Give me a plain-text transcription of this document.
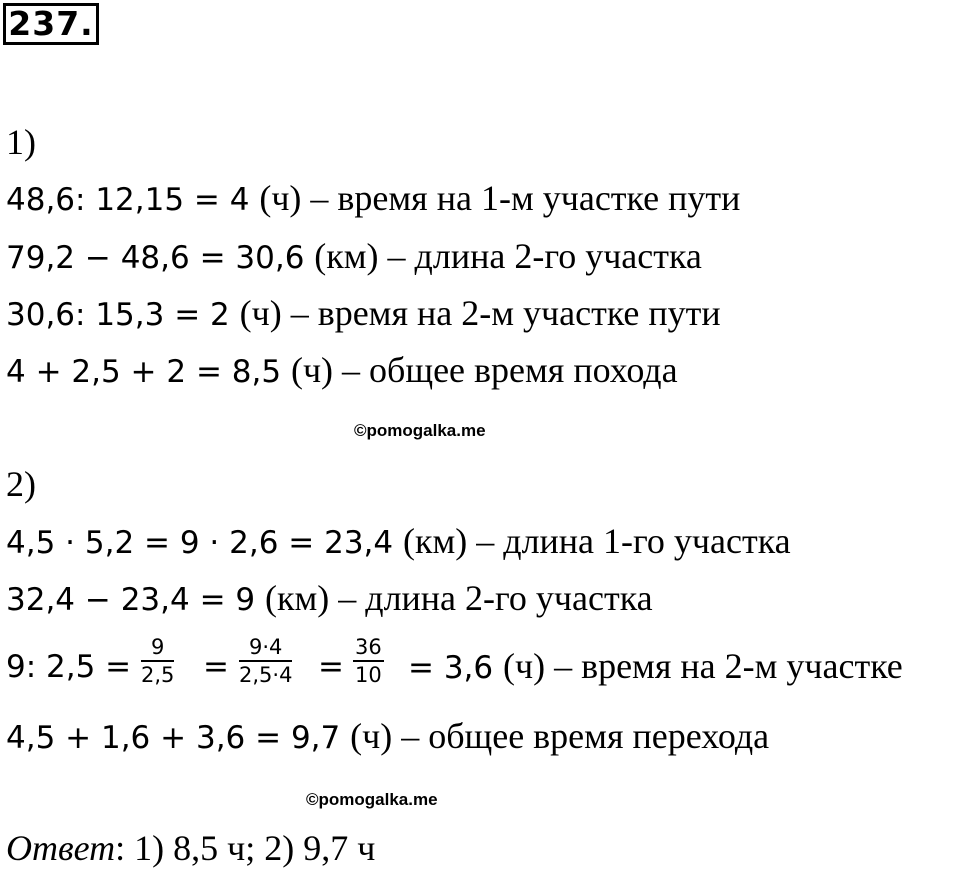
237.
1)
48,6: 12,15 = 4 (ч) – время на 1-м участке пути
79,2 − 48,6 = 30,6 (км) – длина 2-го участка
30,6: 15,3 = 2 (ч) – время на 2-м участке пути
4 + 2,5 + 2 = 8,5 (ч) – общее время похода
©pomogalka.me
2)
4,5 · 5,2 = 9 · 2,6 = 23,4 (км) – длина 1-го участка
32,4 − 23,4 = 9 (км) – длина 2-го участка
9: $2,5 = \frac{9}{2,5} = \frac{9\cdot 4}{2,5\cdot 4} = \frac{36}{10} = 3,6$ (ч) – время на 2-м участке
4,5 + 1,6 + 3,6 = 9,7 (ч) – общее время перехода
©pomogalka.me
Ответ: 1) 8,5 ч; 2) 9,7 ч
